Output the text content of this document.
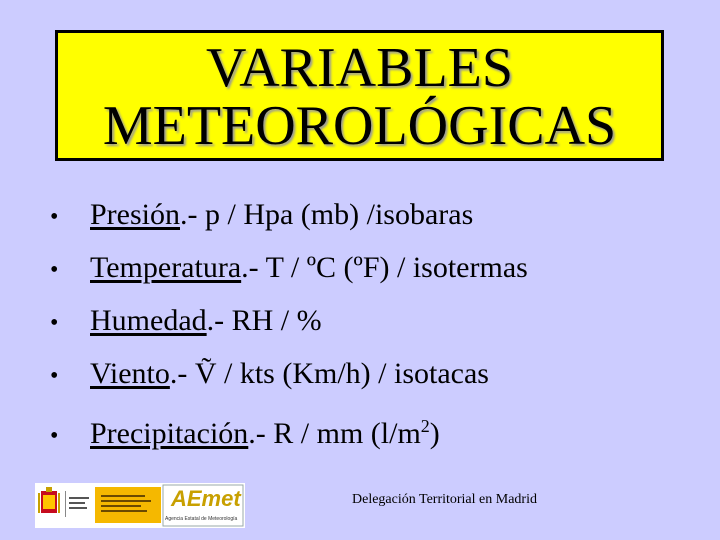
VARIABLES
METEOROLÓGICAS
• Presión.- p / Hpa (mb) /isobaras
• Temperatura.- T / ºC (ºF) / isotermas
• Humedad.- RH / %
• Viento.- Ṽ / kts (Km/h) / isotacas
• Precipitación.- R / mm $(l/m^2)$
AEmet
Agencia Estatal de Meteorología
Delegación Territorial en Madrid
